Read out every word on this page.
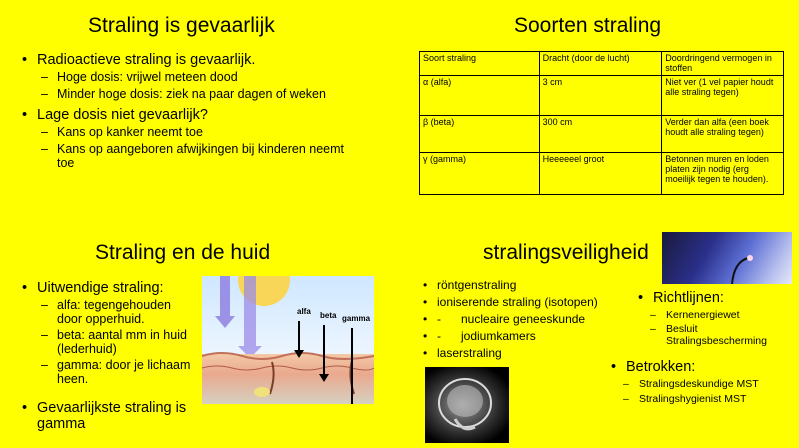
Straling is gevaarlijk
• Radioactieve straling is gevaarlijk.
– Hoge dosis: vrijwel meteen dood
– Minder hoge dosis: ziek na paar dagen of weken
• Lage dosis niet gevaarlijk?
– Kans op kanker neemt toe
– Kans op aangeboren afwijkingen bij kinderen neemt toe
Soorten straling
Soort straling	Dracht (door de lucht)	Doordringend vermogen in stoffen
α (alfa)	3 cm	Niet ver (1 vel papier houdt alle straling tegen)
β (beta)	300 cm	Verder dan alfa (een boek houdt alle straling tegen)
γ (gamma)	Heeeeeel groot	Betonnen muren en loden platen zijn nodig (erg moeilijk tegen te houden).
Straling en de huid
• Uitwendige straling:
– alfa: tegengehouden door opperhuid.
– beta: aantal mm in huid (lederhuid)
– gamma: door je lichaam heen.
• Gevaarlijkste straling is gamma
alfa beta gamma
stralingsveiligheid
• röntgenstraling
• ioniserende straling (isotopen)
• -      nucleaire geneeskunde
• -      jodiumkamers
• laserstraling
• Richtlijnen:
– Kernenergiewet
– Besluit Stralingsbescherming
• Betrokken:
– Stralingsdeskundige MST
– Stralingshygienist MST
